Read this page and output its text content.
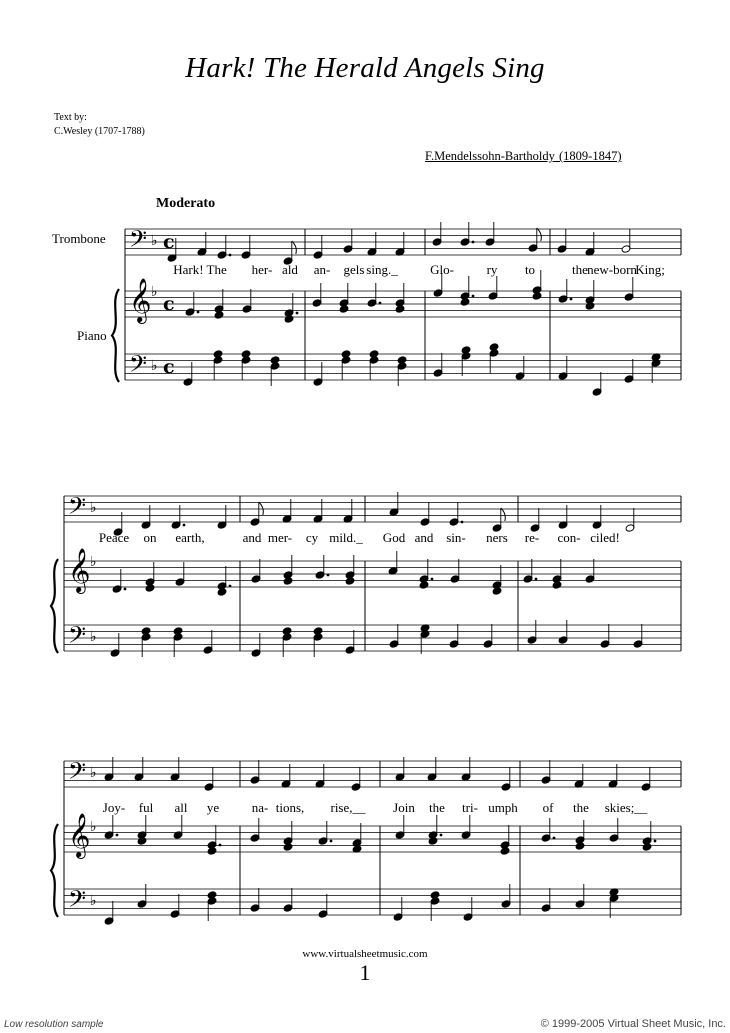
Hark! The Herald Angels Sing
Text by:
C.Wesley (1707-1788)
F.Mendelssohn-Bartholdy (1809-1847)
Moderato
Trombone
Piano
𝄢 ♭
𝄞 ♭
𝄢 ♭
c
c
c
𝄢 ♭
𝄞 ♭
𝄢 ♭
𝄢 ♭
𝄞 ♭
𝄢 ♭
Hark! The her- ald an- gels sing._ Glo-	ry to	the new-born
King;
Peace on earth,	and mer- cy mild._ God and sin- ners re- con- ciled!
Joy- ful all ye	na- tions, rise,__ Join the tri- umph of the skies;__
www.virtualsheetmusic.com
1
Low resolution sample	© 1999-2005 Virtual Sheet Music, Inc.
